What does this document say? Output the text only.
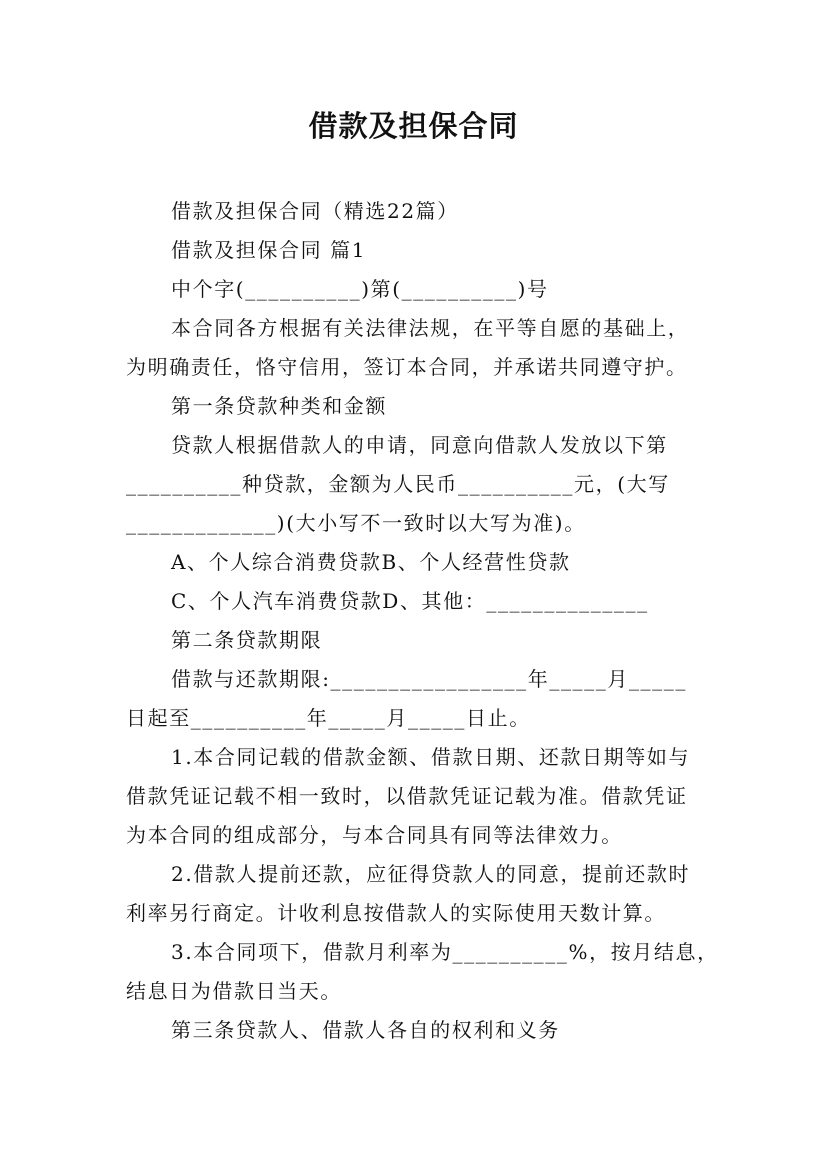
借款及担保合同
借款及担保合同（精选22篇）
借款及担保合同 篇1
中个字(__________)第(__________)号
本合同各方根据有关法律法规，在平等自愿的基础上，
为明确责任，恪守信用，签订本合同，并承诺共同遵守护。
第一条贷款种类和金额
贷款人根据借款人的申请，同意向借款人发放以下第
__________种贷款，金额为人民币__________元，(大写
_____________)(大小写不一致时以大写为准)。
A、个人综合消费贷款B、个人经营性贷款
C、个人汽车消费贷款D、其他：______________
第二条贷款期限
借款与还款期限:_________________年_____月_____
日起至__________年_____月_____日止。
1.本合同记载的借款金额、借款日期、还款日期等如与
借款凭证记载不相一致时，以借款凭证记载为准。借款凭证
为本合同的组成部分，与本合同具有同等法律效力。
2.借款人提前还款，应征得贷款人的同意，提前还款时
利率另行商定。计收利息按借款人的实际使用天数计算。
3.本合同项下，借款月利率为__________%，按月结息，
结息日为借款日当天。
第三条贷款人、借款人各自的权利和义务
